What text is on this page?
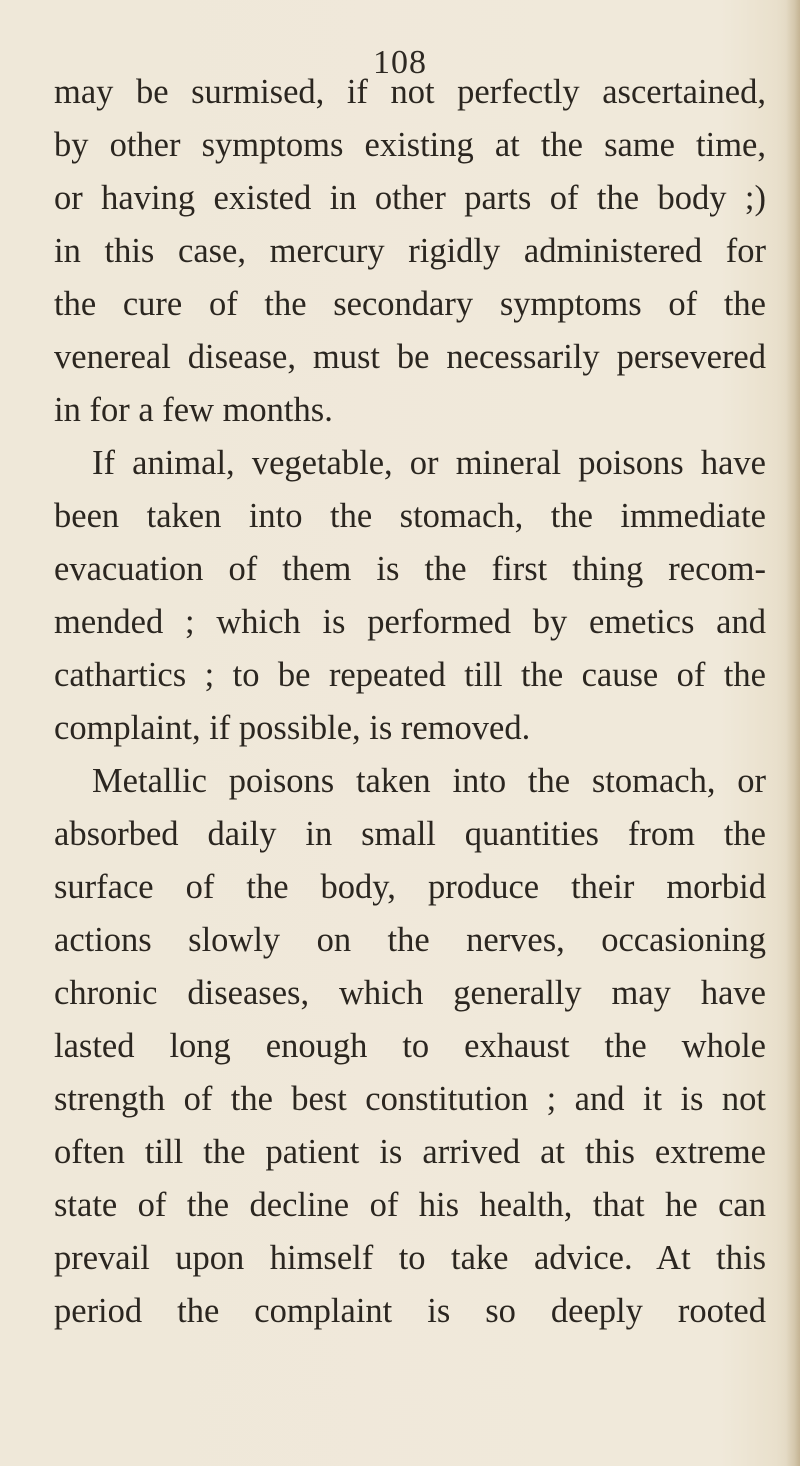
108
may be surmised, if not perfectly ascertained,
by other symptoms existing at the same time,
or having existed in other parts of the body ;)
in this case, mercury rigidly administered for
the cure of the secondary symptoms of the
venereal disease, must be necessarily persevered
in for a few months.
If animal, vegetable, or mineral poisons have
been taken into the stomach, the immediate
evacuation of them is the first thing recom-
mended ; which is performed by emetics and
cathartics ; to be repeated till the cause of the
complaint, if possible, is removed.
Metallic poisons taken into the stomach, or
absorbed daily in small quantities from the
surface of the body, produce their morbid
actions slowly on the nerves, occasioning
chronic diseases, which generally may have
lasted long enough to exhaust the whole
strength of the best constitution ; and it is not
often till the patient is arrived at this extreme
state of the decline of his health, that he can
prevail upon himself to take advice. At this
period the complaint is so deeply rooted
